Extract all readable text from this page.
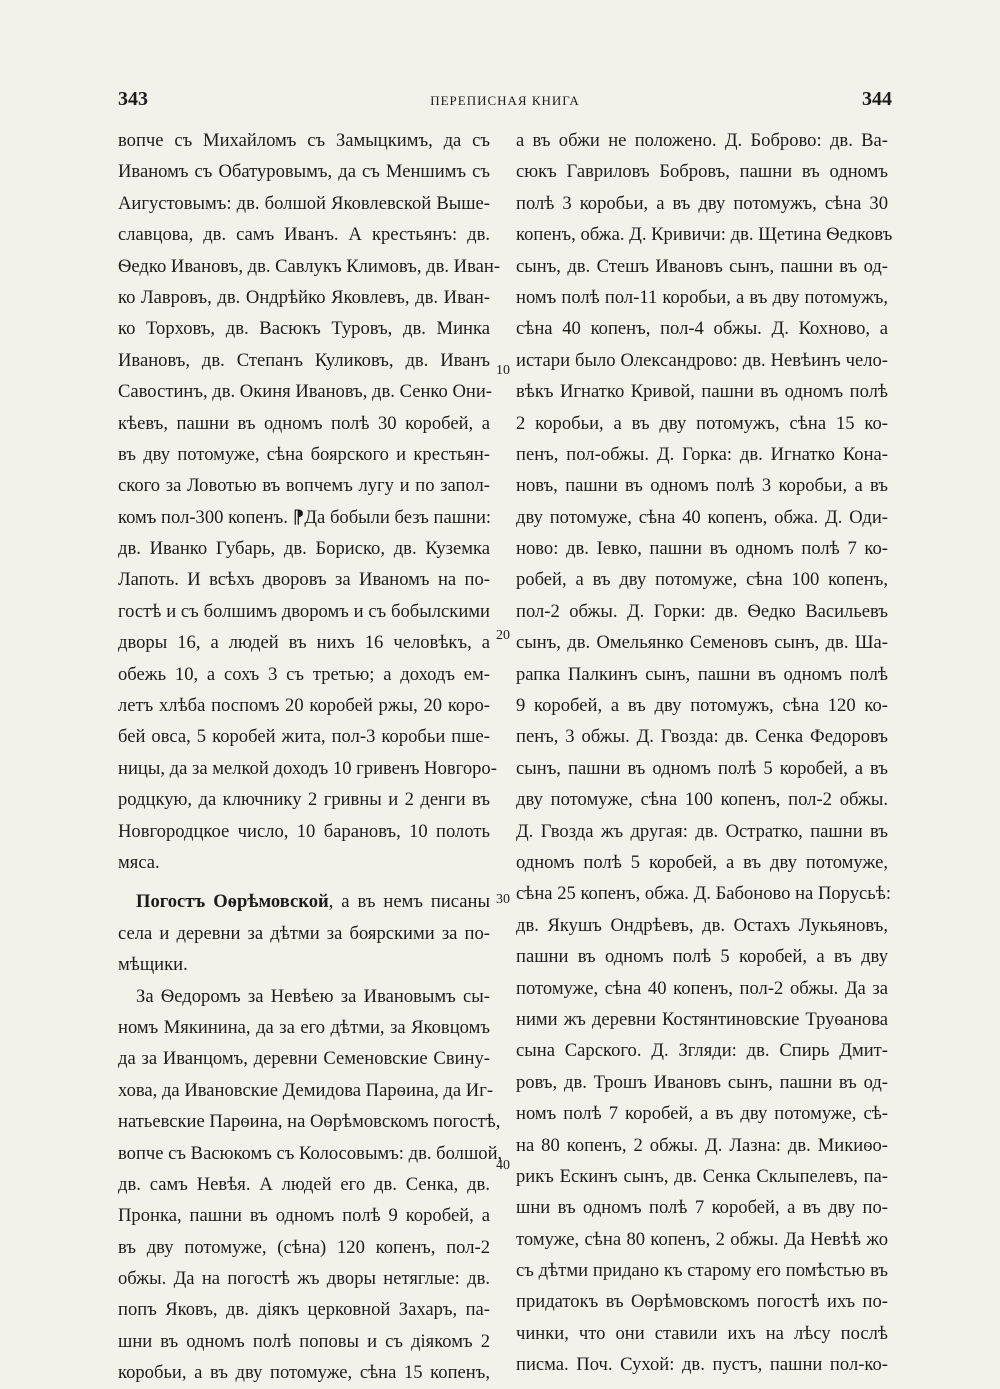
343	ПЕРЕПИСНАЯ КНИГА	344
вопче съ Михайломъ съ Замыцкимъ, да съ
Иваномъ съ Обатуровымъ, да съ Меншимъ съ
Аигустовымъ: дв. болшой Яковлевской Выше-
славцова, дв. самъ Иванъ. А крестьянъ: дв.
Ѳедко Ивановъ, дв. Савлукъ Климовъ, дв. Иван-
ко Лавровъ, дв. Ондрѣйко Яковлевъ, дв. Иван-
ко Торховъ, дв. Васюкъ Туровъ, дв. Минка
Ивановъ, дв. Степанъ Куликовъ, дв. Иванъ
Савостинъ, дв. Окиня Ивановъ, дв. Сенко Они-
кѣевъ, пашни въ одномъ полѣ 30 коробей, а
въ дву потомуже, сѣна боярского и крестьян-
ского за Ловотью въ вопчемъ лугу и по запол-
комъ пол-300 копенъ. ⁋Да бобыли безъ пашни:
дв. Иванко Губарь, дв. Бориско, дв. Куземка
Лапоть. И всѣхъ дворовъ за Иваномъ на по-
гостѣ и съ болшимъ дворомъ и съ бобылскими
дворы 16, а людей въ нихъ 16 человѣкъ, а
обежь 10, а сохъ 3 съ третью; а доходъ ем-
летъ хлѣба поспомъ 20 коробей ржы, 20 коро-
бей овса, 5 коробей жита, пол-3 коробьи пше-
ницы, да за мелкой доходъ 10 гривенъ Новгоро-
родцкую, да ключнику 2 гривны и 2 денги въ
Новгородцкое число, 10 барановъ, 10 полоть
мяса.
Погостъ Оѳрѣмовской, а въ немъ писаны
села и деревни за дѣтми за боярскими за по-
мѣщики.
За Ѳедоромъ за Невѣею за Ивановымъ сы-
номъ Мякинина, да за его дѣтми, за Яковцомъ
да за Иванцомъ, деревни Семеновские Свину-
хова, да Ивановские Демидова Парѳина, да Иг-
натьевские Парѳина, на Оѳрѣмовскомъ погостѣ,
вопче съ Васюкомъ съ Колосовымъ: дв. болшой,
дв. самъ Невѣя. А людей его дв. Сенка, дв.
Пронка, пашни въ одномъ полѣ 9 коробей, а
въ дву потомуже, (сѣна) 120 копенъ, пол-2
обжы. Да на погостѣ жъ дворы нетяглые: дв.
попъ Яковъ, дв. діякъ церковной Захаръ, па-
шни въ одномъ полѣ поповы и съ діякомъ 2
коробьи, а въ дву потомуже, сѣна 15 копенъ,
10
20
30
40
а въ обжи не положено. Д. Боброво: дв. Ва-
сюкъ Гавриловъ Бобровъ, пашни въ одномъ
полѣ 3 коробьи, а въ дву потомужъ, сѣна 30
копенъ, обжа. Д. Кривичи: дв. Щетина Ѳедковъ
сынъ, дв. Стешъ Ивановъ сынъ, пашни въ од-
номъ полѣ пол-11 коробьи, а въ дву потомужъ,
сѣна 40 копенъ, пол-4 обжы. Д. Кохново, а
истари было Олександрово: дв. Невѣинъ чело-
вѣкъ Игнатко Кривой, пашни въ одномъ полѣ
2 коробьи, а въ дву потомужъ, сѣна 15 ко-
пенъ, пол-обжы. Д. Горка: дв. Игнатко Кона-
новъ, пашни въ одномъ полѣ 3 коробьи, а въ
дву потомуже, сѣна 40 копенъ, обжа. Д. Оди-
ново: дв. Іевко, пашни въ одномъ полѣ 7 ко-
робей, а въ дву потомуже, сѣна 100 копенъ,
пол-2 обжы. Д. Горки: дв. Ѳедко Васильевъ
сынъ, дв. Омельянко Семеновъ сынъ, дв. Ша-
рапка Палкинъ сынъ, пашни въ одномъ полѣ
9 коробей, а въ дву потомужъ, сѣна 120 ко-
пенъ, 3 обжы. Д. Гвозда: дв. Сенка Федоровъ
сынъ, пашни въ одномъ полѣ 5 коробей, а въ
дву потомуже, сѣна 100 копенъ, пол-2 обжы.
Д. Гвозда жъ другая: дв. Остратко, пашни въ
одномъ полѣ 5 коробей, а въ дву потомуже,
сѣна 25 копенъ, обжа. Д. Бабоново на Порусьѣ:
дв. Якушъ Ондрѣевъ, дв. Остахъ Лукьяновъ,
пашни въ одномъ полѣ 5 коробей, а въ дву
потомуже, сѣна 40 копенъ, пол-2 обжы. Да за
ними жъ деревни Костянтиновские Труѳанова
сына Сарского. Д. Згляди: дв. Спирь Дмит-
ровъ, дв. Трошъ Ивановъ сынъ, пашни въ од-
номъ полѣ 7 коробей, а въ дву потомуже, сѣ-
на 80 копенъ, 2 обжы. Д. Лазна: дв. Микиѳо-
рикъ Ескинъ сынъ, дв. Сенка Склыпелевъ, па-
шни въ одномъ полѣ 7 коробей, а въ дву по-
томуже, сѣна 80 копенъ, 2 обжы. Да Невѣѣ жо
съ дѣтми придано къ старому его помѣстью въ
придатокъ въ Оѳрѣмовскомъ погостѣ ихъ по-
чинки, что они ставили ихъ на лѣсу послѣ
писма. Поч. Сухой: дв. пустъ, пашни пол-ко-
